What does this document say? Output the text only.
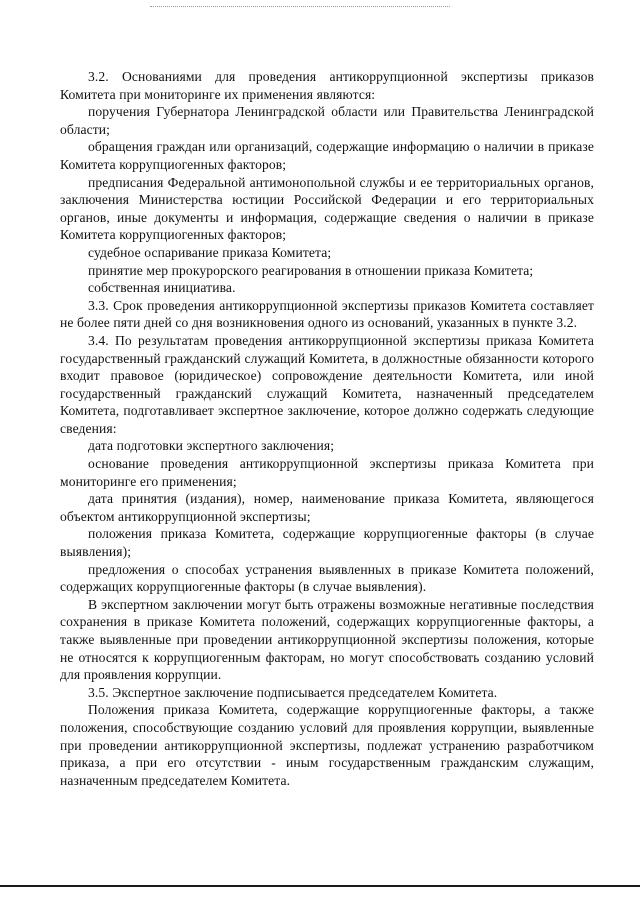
3.2. Основаниями для проведения антикоррупционной экспертизы приказов Комитета при мониторинге их применения являются:

поручения Губернатора Ленинградской области или Правительства Ленинградской области;

обращения граждан или организаций, содержащие информацию о наличии в приказе Комитета коррупциогенных факторов;

предписания Федеральной антимонопольной службы и ее территориальных органов, заключения Министерства юстиции Российской Федерации и его территориальных органов, иные документы и информация, содержащие сведения о наличии в приказе Комитета коррупциогенных факторов;

судебное оспаривание приказа Комитета;

принятие мер прокурорского реагирования в отношении приказа Комитета;

собственная инициатива.

3.3. Срок проведения антикоррупционной экспертизы приказов Комитета составляет не более пяти дней со дня возникновения одного из оснований, указанных в пункте 3.2.

3.4. По результатам проведения антикоррупционной экспертизы приказа Комитета государственный гражданский служащий Комитета, в должностные обязанности которого входит правовое (юридическое) сопровождение деятельности Комитета, или иной государственный гражданский служащий Комитета, назначенный председателем Комитета, подготавливает экспертное заключение, которое должно содержать следующие сведения:

дата подготовки экспертного заключения;

основание проведения антикоррупционной экспертизы приказа Комитета при мониторинге его применения;

дата принятия (издания), номер, наименование приказа Комитета, являющегося объектом антикоррупционной экспертизы;

положения приказа Комитета, содержащие коррупциогенные факторы (в случае выявления);

предложения о способах устранения выявленных в приказе Комитета положений, содержащих коррупциогенные факторы (в случае выявления).

В экспертном заключении могут быть отражены возможные негативные последствия сохранения в приказе Комитета положений, содержащих коррупциогенные факторы, а также выявленные при проведении антикоррупционной экспертизы положения, которые не относятся к коррупциогенным факторам, но могут способствовать созданию условий для проявления коррупции.

3.5. Экспертное заключение подписывается председателем Комитета.

Положения приказа Комитета, содержащие коррупциогенные факторы, а также положения, способствующие созданию условий для проявления коррупции, выявленные при проведении антикоррупционной экспертизы, подлежат устранению разработчиком приказа, а при его отсутствии - иным государственным гражданским служащим, назначенным председателем Комитета.
